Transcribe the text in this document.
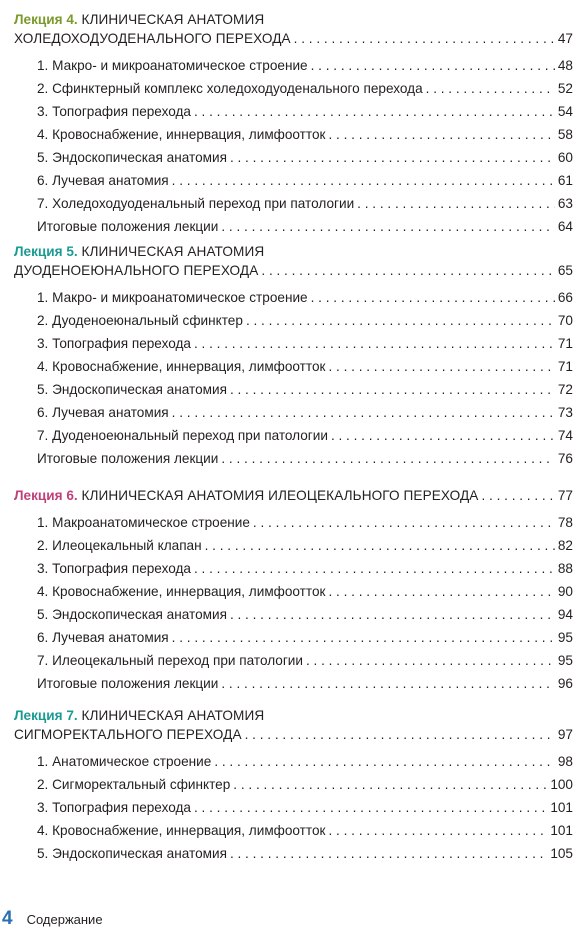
Лекция 4.
КЛИНИЧЕСКАЯ АНАТОМИЯ
ХОЛЕДОХОДУОДЕНАЛЬНОГО ПЕРЕХОДА . . .	47
1. Макро- и микроанатомическое строение . . .	48
2. Сфинктерный комплекс холедоходуоденального перехода . . .	52
3. Топография перехода . . .	54
4. Кровоснабжение, иннервация, лимфоотток . . .	58
5. Эндоскопическая анатомия . . .	60
6. Лучевая анатомия . . .	61
7. Холедоходуоденальный переход при патологии . . .	63
Итоговые положения лекции . . .	64
Лекция 5.
КЛИНИЧЕСКАЯ АНАТОМИЯ
ДУОДЕНОЕЮНАЛЬНОГО ПЕРЕХОДА . . .	65
1. Макро- и микроанатомическое строение . . .	66
2. Дуоденоеюнальный сфинктер . . .	70
3. Топография перехода . . .	71
4. Кровоснабжение, иннервация, лимфоотток . . .	71
5. Эндоскопическая анатомия . . .	72
6. Лучевая анатомия . . .	73
7. Дуоденоеюнальный переход при патологии . . .	74
Итоговые положения лекции . . .	76
Лекция 6.
КЛИНИЧЕСКАЯ АНАТОМИЯ ИЛЕОЦЕКАЛЬНОГО ПЕРЕХОДА . . .	77
1. Макроанатомическое строение . . .	78
2. Илеоцекальный клапан . . .	82
3. Топография перехода . . .	88
4. Кровоснабжение, иннервация, лимфоотток . . .	90
5. Эндоскопическая анатомия . . .	94
6. Лучевая анатомия . . .	95
7. Илеоцекальный переход при патологии . . .	95
Итоговые положения лекции . . .	96
Лекция 7.
КЛИНИЧЕСКАЯ АНАТОМИЯ
СИГМОРЕКТАЛЬНОГО ПЕРЕХОДА . . .	97
1. Анатомическое строение . . .	98
2. Сигморектальный сфинктер . . .	100
3. Топография перехода . . .	101
4. Кровоснабжение, иннервация, лимфоотток . . .	101
5. Эндоскопическая анатомия . . .	105
4 Содержание
